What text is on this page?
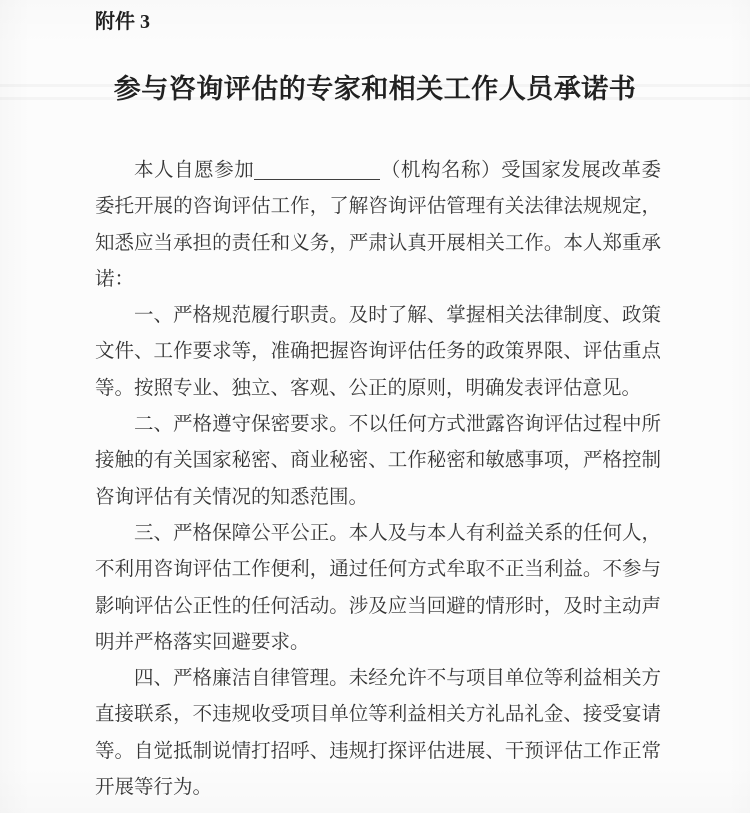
附件 3
参与咨询评估的专家和相关工作人员承诺书

本人自愿参加	（机构名称）受国家发展改革委委托开展的咨询评估工作，了解咨询评估管理有关法律法规规定，知悉应当承担的责任和义务，严肃认真开展相关工作。本人郑重承诺：

一、严格规范履行职责。及时了解、掌握相关法律制度、政策文件、工作要求等，准确把握咨询评估任务的政策界限、评估重点等。按照专业、独立、客观、公正的原则，明确发表评估意见。

二、严格遵守保密要求。不以任何方式泄露咨询评估过程中所接触的有关国家秘密、商业秘密、工作秘密和敏感事项，严格控制咨询评估有关情况的知悉范围。

三、严格保障公平公正。本人及与本人有利益关系的任何人，不利用咨询评估工作便利，通过任何方式牟取不正当利益。不参与影响评估公正性的任何活动。涉及应当回避的情形时，及时主动声明并严格落实回避要求。

四、严格廉洁自律管理。未经允许不与项目单位等利益相关方直接联系，不违规收受项目单位等利益相关方礼品礼金、接受宴请等。自觉抵制说情打招呼、违规打探评估进展、干预评估工作正常开展等行为。
